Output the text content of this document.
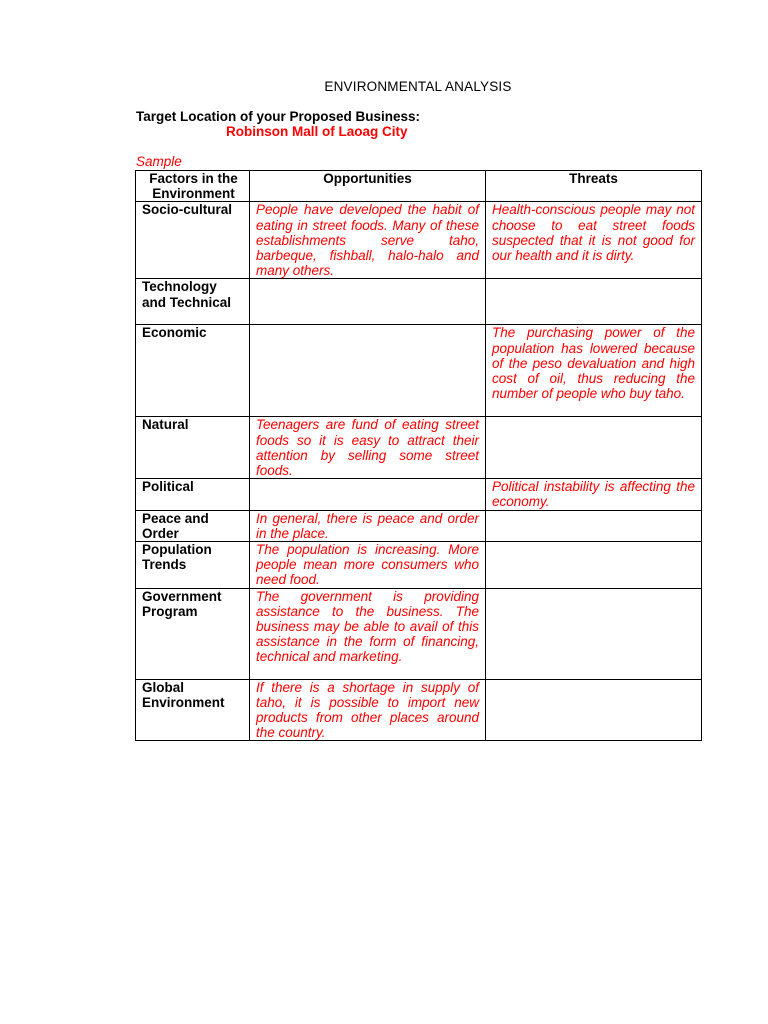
ENVIRONMENTAL ANALYSIS
Target Location of your Proposed Business:
Robinson Mall of Laoag City
Sample
Factors in the Environment	Opportunities	Threats
Socio-cultural	People have developed the habit of eating in street foods. Many of these establishments serve taho, barbeque, fishball, halo-halo and many others.	Health-conscious people may not choose to eat street foods suspected that it is not good for our health and it is dirty.
Technology and Technical		
Economic		The purchasing power of the population has lowered because of the peso devaluation and high cost of oil, thus reducing the number of people who buy taho.
Natural	Teenagers are fund of eating street foods so it is easy to attract their attention by selling some street foods.	
Political		Political instability is affecting the economy.
Peace and Order	In general, there is peace and order in the place.	
Population Trends	The population is increasing. More people mean more consumers who need food.	
Government Program	The government is providing assistance to the business. The business may be able to avail of this assistance in the form of financing, technical and marketing.	
Global Environment	If there is a shortage in supply of taho, it is possible to import new products from other places around the country.	
